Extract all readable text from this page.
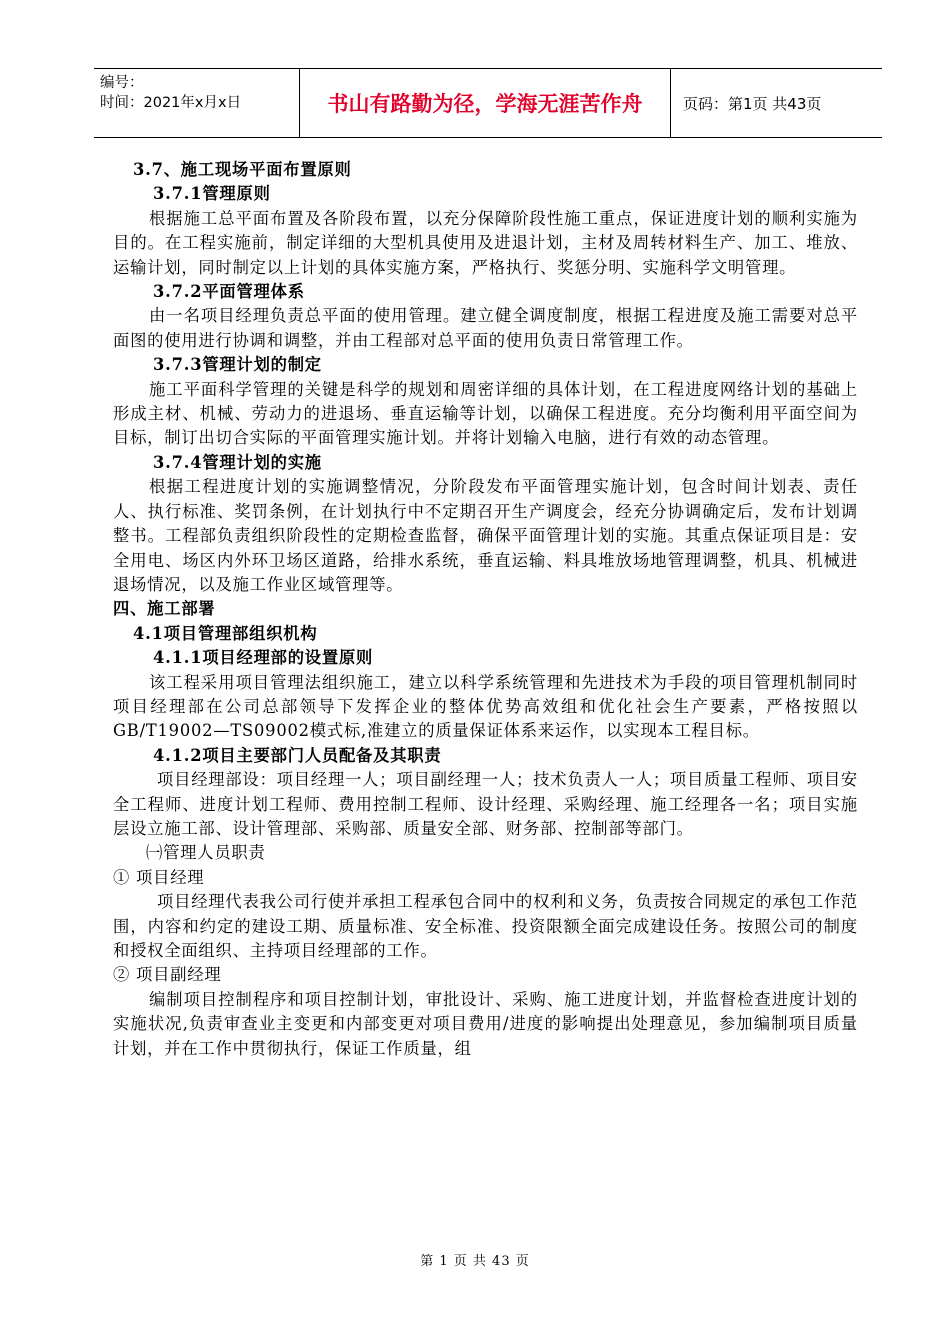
编号：
时间：2021年x月x日	书山有路勤为径，学海无涯苦作舟	页码：第1页 共43页

3.7、施工现场平面布置原则

3.7.1管理原则

根据施工总平面布置及各阶段布置，以充分保障阶段性施工重点，保证进度计划的顺利实施为目的。在工程实施前，制定详细的大型机具使用及进退计划，主材及周转材料生产、加工、堆放、运输计划，同时制定以上计划的具体实施方案，严格执行、奖惩分明、实施科学文明管理。

3.7.2平面管理体系

由一名项目经理负责总平面的使用管理。建立健全调度制度，根据工程进度及施工需要对总平面图的使用进行协调和调整，并由工程部对总平面的使用负责日常管理工作。

3.7.3管理计划的制定

施工平面科学管理的关键是科学的规划和周密详细的具体计划，在工程进度网络计划的基础上形成主材、机械、劳动力的进退场、垂直运输等计划，以确保工程进度。充分均衡利用平面空间为目标，制订出切合实际的平面管理实施计划。并将计划输入电脑，进行有效的动态管理。

3.7.4管理计划的实施

根据工程进度计划的实施调整情况，分阶段发布平面管理实施计划，包含时间计划表、责任人、执行标准、奖罚条例，在计划执行中不定期召开生产调度会，经充分协调确定后，发布计划调整书。工程部负责组织阶段性的定期检查监督，确保平面管理计划的实施。其重点保证项目是：安全用电、场区内外环卫场区道路，给排水系统，垂直运输、料具堆放场地管理调整，机具、机械进退场情况，以及施工作业区域管理等。

四、施工部署

4.1项目管理部组织机构

4.1.1项目经理部的设置原则

该工程采用项目管理法组织施工，建立以科学系统管理和先进技术为手段的项目管理机制同时项目经理部在公司总部领导下发挥企业的整体优势高效组和优化社会生产要素，严格按照以GB/T19002—TS09002模式标,准建立的质量保证体系来运作，以实现本工程目标。

4.1.2项目主要部门人员配备及其职责

项目经理部设：项目经理一人；项目副经理一人；技术负责人一人；项目质量工程师、项目安全工程师、进度计划工程师、费用控制工程师、设计经理、采购经理、施工经理各一名；项目实施层设立施工部、设计管理部、采购部、质量安全部、财务部、控制部等部门。

㈠管理人员职责

① 项目经理

项目经理代表我公司行使并承担工程承包合同中的权利和义务，负责按合同规定的承包工作范围，内容和约定的建设工期、质量标准、安全标准、投资限额全面完成建设任务。按照公司的制度和授权全面组织、主持项目经理部的工作。

② 项目副经理

编制项目控制程序和项目控制计划，审批设计、采购、施工进度计划，并监督检查进度计划的实施状况,负责审查业主变更和内部变更对项目费用/进度的影响提出处理意见，参加编制项目质量计划，并在工作中贯彻执行，保证工作质量，组

第 1 页 共 43 页
